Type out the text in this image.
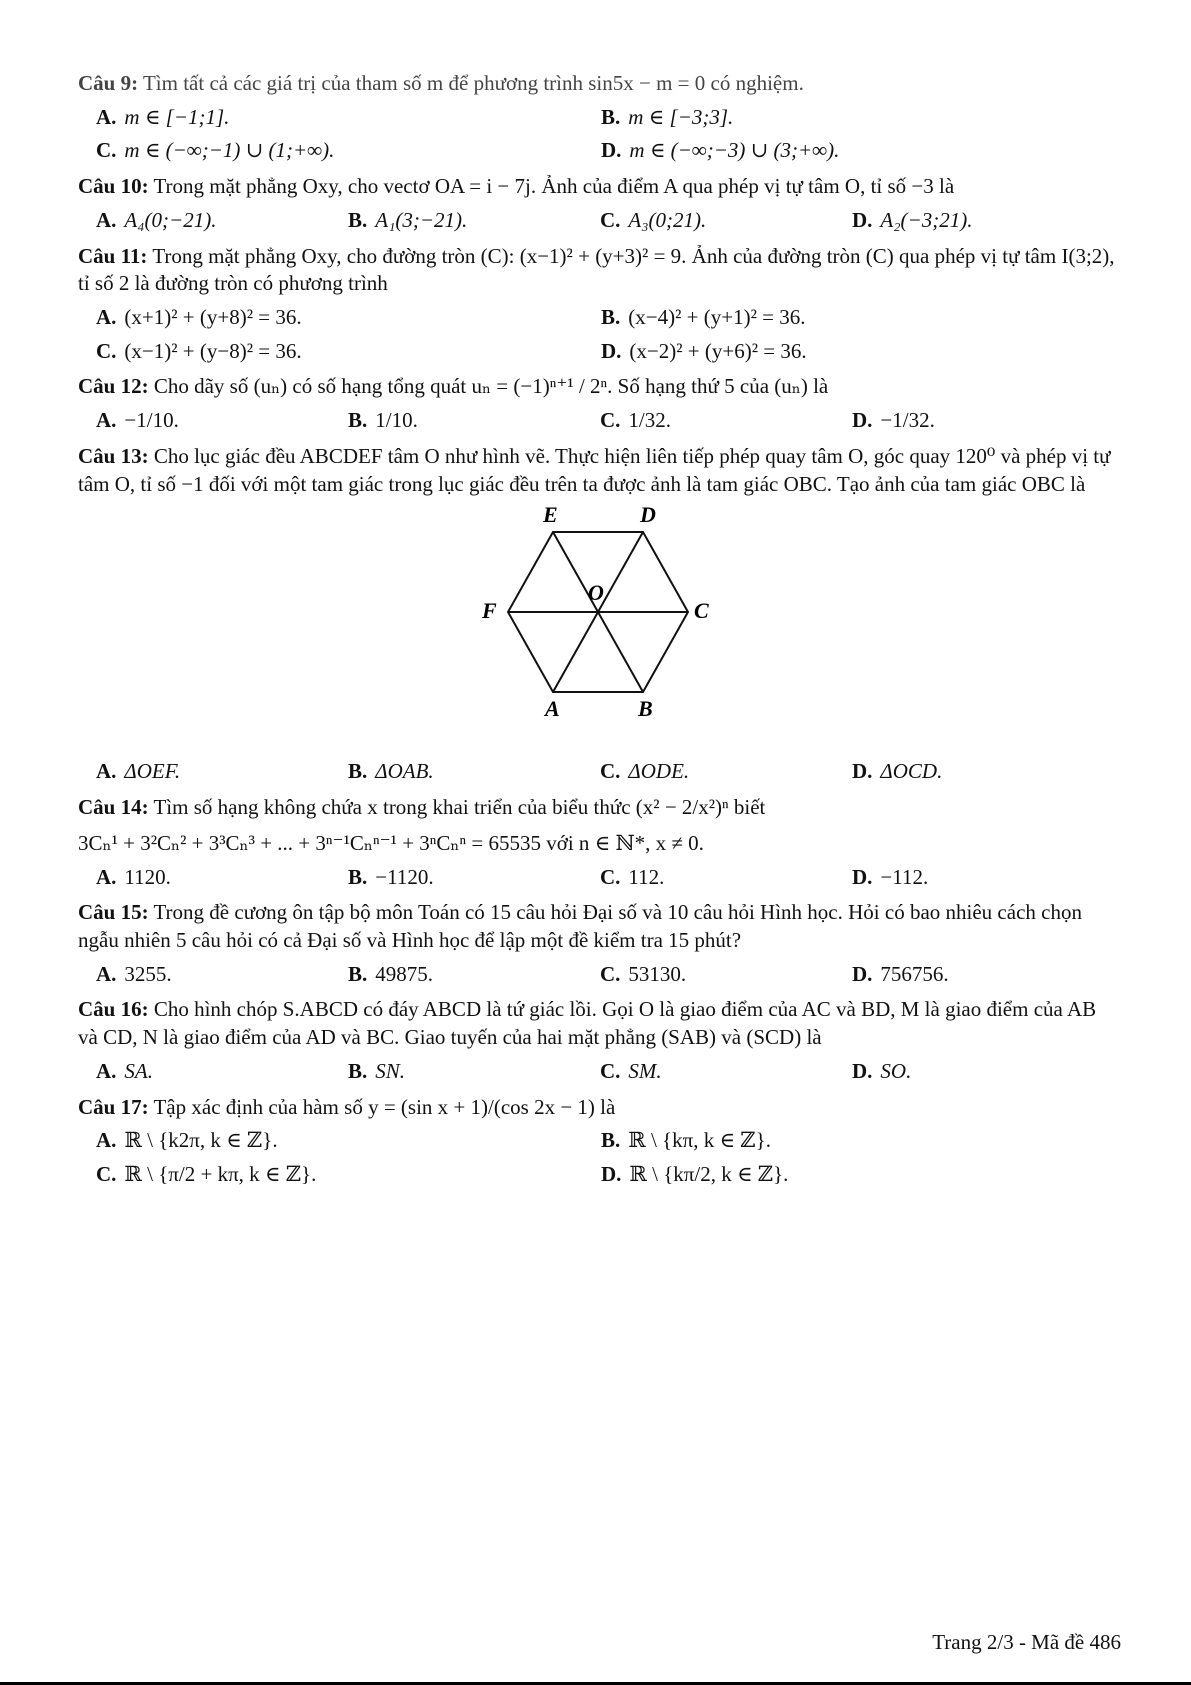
Câu 9: Tìm tất cả các giá trị của tham số m để phương trình sin5x − m = 0 có nghiệm.
A. m ∈ [−1;1].	B. m ∈ [−3;3].
C. m ∈ (−∞;−1) ∪ (1;+∞).	D. m ∈ (−∞;−3) ∪ (3;+∞).
Câu 10: Trong mặt phẳng Oxy, cho vectơ OA = i − 7j. Ảnh của điểm A qua phép vị tự tâm O, tỉ số −3 là
A. A₄(0;−21).	B. A₁(3;−21).	C. A₃(0;21).	D. A₂(−3;21).
Câu 11: Trong mặt phẳng Oxy, cho đường tròn (C): (x−1)² + (y+3)² = 9. Ảnh của đường tròn (C) qua phép vị tự tâm I(3;2), tỉ số 2 là đường tròn có phương trình
A. (x+1)² + (y+8)² = 36.	B. (x−4)² + (y+1)² = 36.
C. (x−1)² + (y−8)² = 36.	D. (x−2)² + (y+6)² = 36.
Câu 12: Cho dãy số (uₙ) có số hạng tổng quát uₙ = (−1)ⁿ⁺¹ / 2ⁿ. Số hạng thứ 5 của (uₙ) là
A. −1/10.	B. 1/10.	C. 1/32.	D. −1/32.
Câu 13: Cho lục giác đều ABCDEF tâm O như hình vẽ. Thực hiện liên tiếp phép quay tâm O, góc quay 120⁰ và phép vị tự tâm O, tỉ số −1 đối với một tam giác trong lục giác đều trên ta được ảnh là tam giác OBC. Tạo ảnh của tam giác OBC là
E	D
F	C
O
A	B
A. ΔOEF.	B. ΔOAB.	C. ΔODE.	D. ΔOCD.
Câu 14: Tìm số hạng không chứa x trong khai triển của biểu thức (x² − 2/x²)ⁿ biết
3Cₙ¹ + 3²Cₙ² + 3³Cₙ³ + ... + 3ⁿ⁻¹Cₙⁿ⁻¹ + 3ⁿCₙⁿ = 65535 với n ∈ ℕ*, x ≠ 0.
A. 1120.	B. −1120.	C. 112.	D. −112.
Câu 15: Trong đề cương ôn tập bộ môn Toán có 15 câu hỏi Đại số và 10 câu hỏi Hình học. Hỏi có bao nhiêu cách chọn ngẫu nhiên 5 câu hỏi có cả Đại số và Hình học để lập một đề kiểm tra 15 phút?
A. 3255.	B. 49875.	C. 53130.	D. 756756.
Câu 16: Cho hình chóp S.ABCD có đáy ABCD là tứ giác lồi. Gọi O là giao điểm của AC và BD, M là giao điểm của AB và CD, N là giao điểm của AD và BC. Giao tuyến của hai mặt phẳng (SAB) và (SCD) là
A. SA.	B. SN.	C. SM.	D. SO.
Câu 17: Tập xác định của hàm số y = (sin x + 1)/(cos 2x − 1) là
A. ℝ \ {k2π, k ∈ ℤ}.	B. ℝ \ {kπ, k ∈ ℤ}.
C. ℝ \ {π/2 + kπ, k ∈ ℤ}.	D. ℝ \ {kπ/2, k ∈ ℤ}.
Trang 2/3 - Mã đề 486
